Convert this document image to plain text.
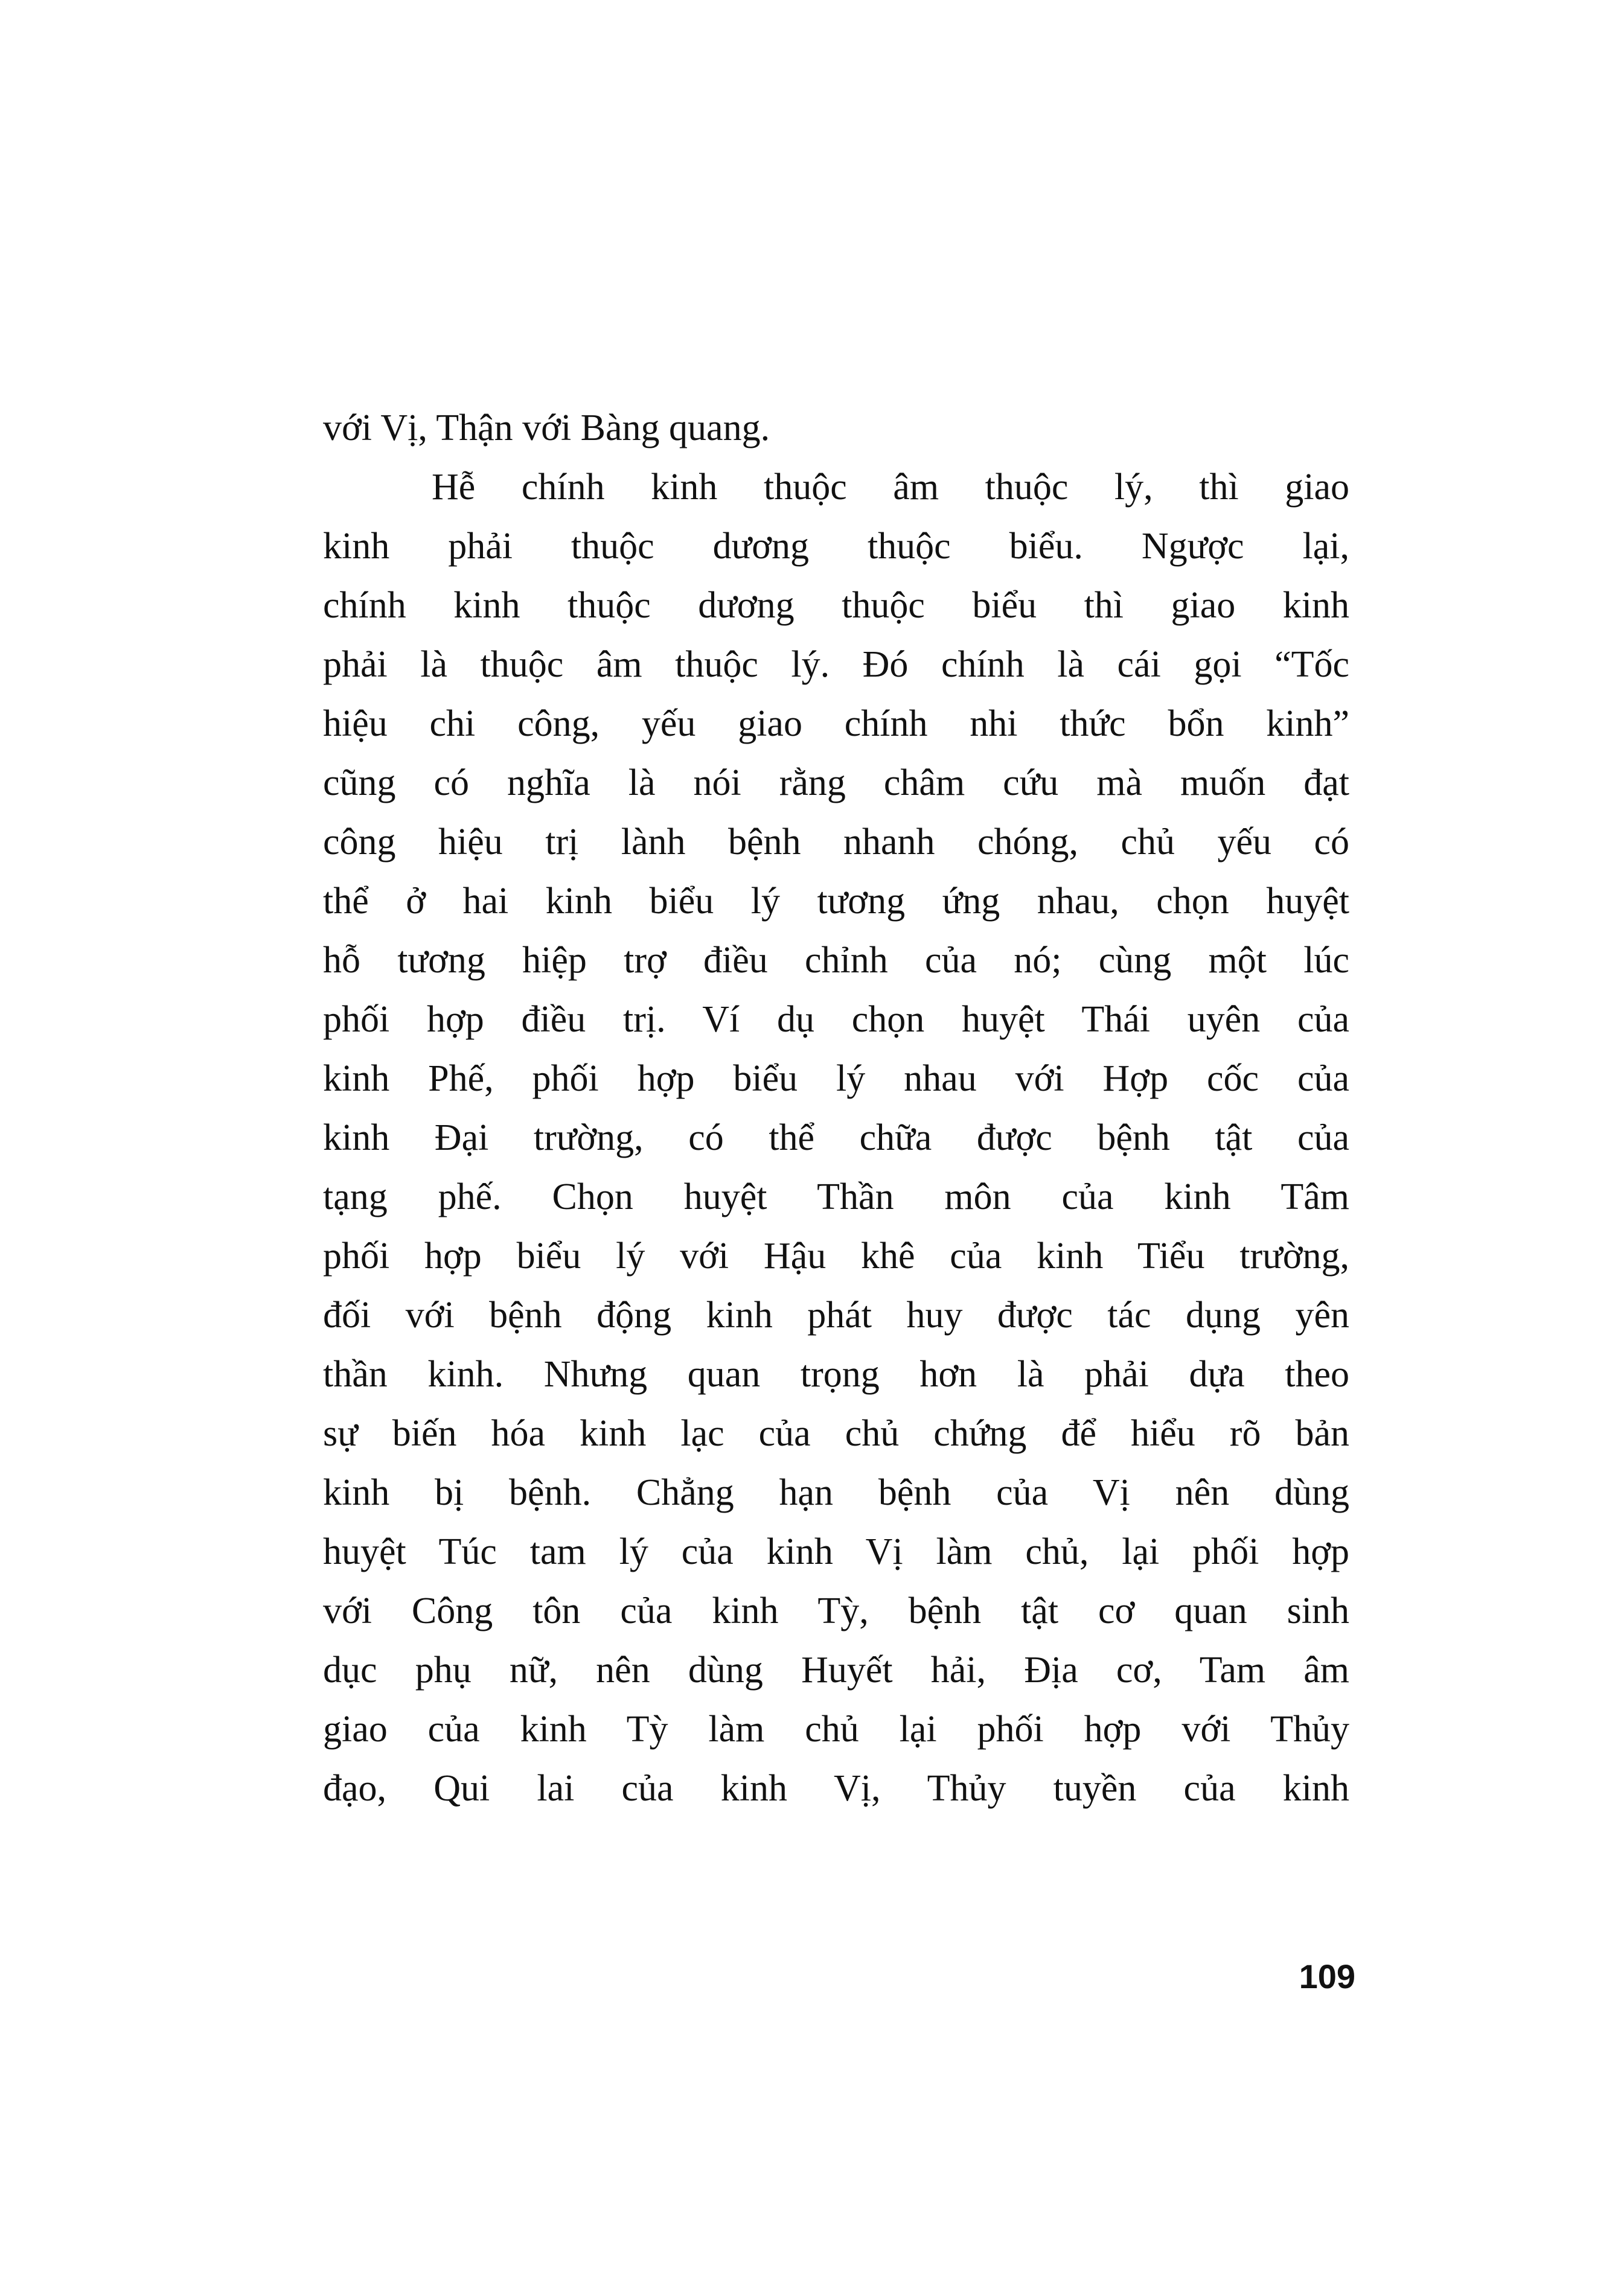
với Vị, Thận với Bàng quang.
Hễ chính kinh thuộc âm thuộc lý, thì giao
kinh phải thuộc dương thuộc biểu. Ngược lại,
chính kinh thuộc dương thuộc biểu thì giao kinh
phải là thuộc âm thuộc lý. Đó chính là cái gọi “Tốc
hiệu chi công, yếu giao chính nhi thức bổn kinh”
cũng có nghĩa là nói rằng châm cứu mà muốn đạt
công hiệu trị lành bệnh nhanh chóng, chủ yếu có
thể ở hai kinh biểu lý tương ứng nhau, chọn huyệt
hỗ tương hiệp trợ điều chỉnh của nó; cùng một lúc
phối hợp điều trị. Ví dụ chọn huyệt Thái uyên của
kinh Phế, phối hợp biểu lý nhau với Hợp cốc của
kinh Đại trường, có thể chữa được bệnh tật của
tạng phế. Chọn huyệt Thần môn của kinh Tâm
phối hợp biểu lý với Hậu khê của kinh Tiểu trường,
đối với bệnh động kinh phát huy được tác dụng yên
thần kinh. Nhưng quan trọng hơn là phải dựa theo
sự biến hóa kinh lạc của chủ chứng để hiểu rõ bản
kinh bị bệnh. Chẳng hạn bệnh của Vị nên dùng
huyệt Túc tam lý của kinh Vị làm chủ, lại phối hợp
với Công tôn của kinh Tỳ, bệnh tật cơ quan sinh
dục phụ nữ, nên dùng Huyết hải, Địa cơ, Tam âm
giao của kinh Tỳ làm chủ lại phối hợp với Thủy
đạo, Qui lai của kinh Vị, Thủy tuyền của kinh
109
